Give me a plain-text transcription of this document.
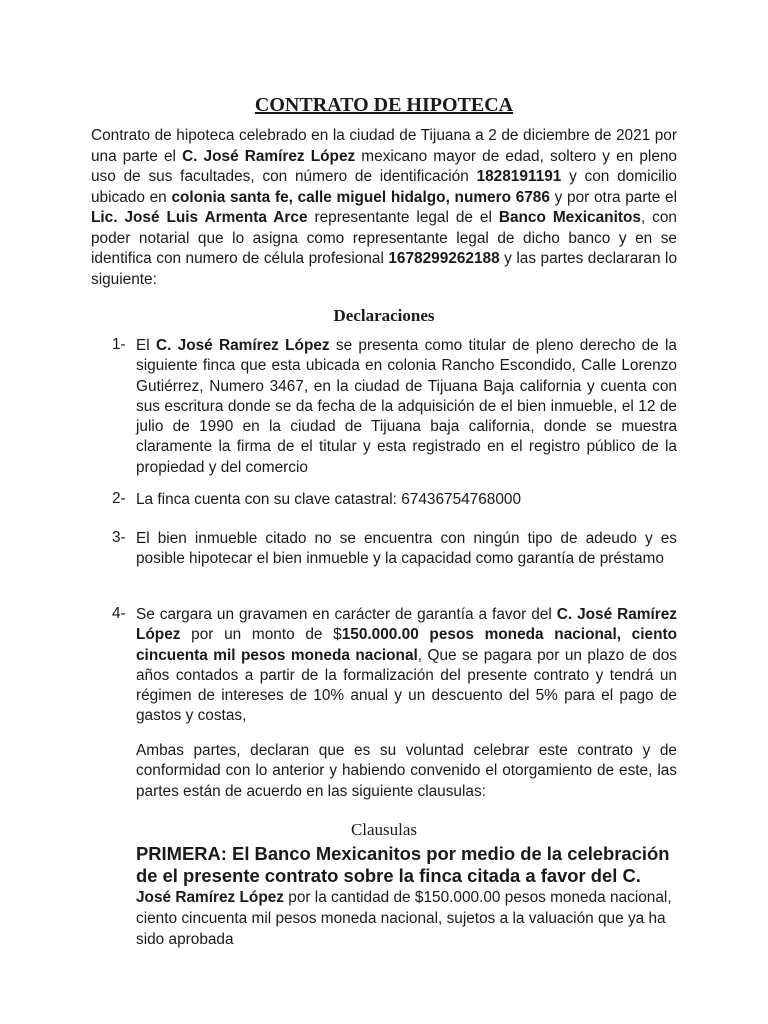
CONTRATO DE HIPOTECA

Contrato de hipoteca celebrado en la ciudad de Tijuana a 2 de diciembre de 2021 por una parte el C. José Ramírez López mexicano mayor de edad, soltero y en pleno uso de sus facultades, con número de identificación 1828191191 y con domicilio ubicado en colonia santa fe, calle miguel hidalgo, numero 6786 y por otra parte el Lic. José Luis Armenta Arce representante legal de el Banco Mexicanitos, con poder notarial que lo asigna como representante legal de dicho banco y en se identifica con numero de célula profesional 1678299262188 y las partes declararan lo siguiente:

Declaraciones
1- El C. José Ramírez López se presenta como titular de pleno derecho de la siguiente finca que esta ubicada en colonia Rancho Escondido, Calle Lorenzo Gutiérrez, Numero 3467, en la ciudad de Tijuana Baja california y cuenta con sus escritura donde se da fecha de la adquisición de el bien inmueble, el 12 de julio de 1990 en la ciudad de Tijuana baja california, donde se muestra claramente la firma de el titular y esta registrado en el registro público de la propiedad y del comercio
2- La finca cuenta con su clave catastral: 67436754768000
3- El bien inmueble citado no se encuentra con ningún tipo de adeudo y es posible hipotecar el bien inmueble y la capacidad como garantía de préstamo
4- Se cargara un gravamen en carácter de garantía a favor del C. José Ramírez López por un monto de $150.000.00 pesos moneda nacional, ciento cincuenta mil pesos moneda nacional, Que se pagara por un plazo de dos años contados a partir de la formalización del presente contrato y tendrá un régimen de intereses de 10% anual y un descuento del 5% para el pago de gastos y costas,

Ambas partes, declaran que es su voluntad celebrar este contrato y de conformidad con lo anterior y habiendo convenido el otorgamiento de este, las partes están de acuerdo en las siguiente clausulas:

Clausulas

PRIMERA: El Banco Mexicanitos por medio de la celebración de el presente contrato sobre la finca citada a favor del C. José Ramírez López por la cantidad de $150.000.00 pesos moneda nacional, ciento cincuenta mil pesos moneda nacional, sujetos a la valuación que ya ha sido aprobada
